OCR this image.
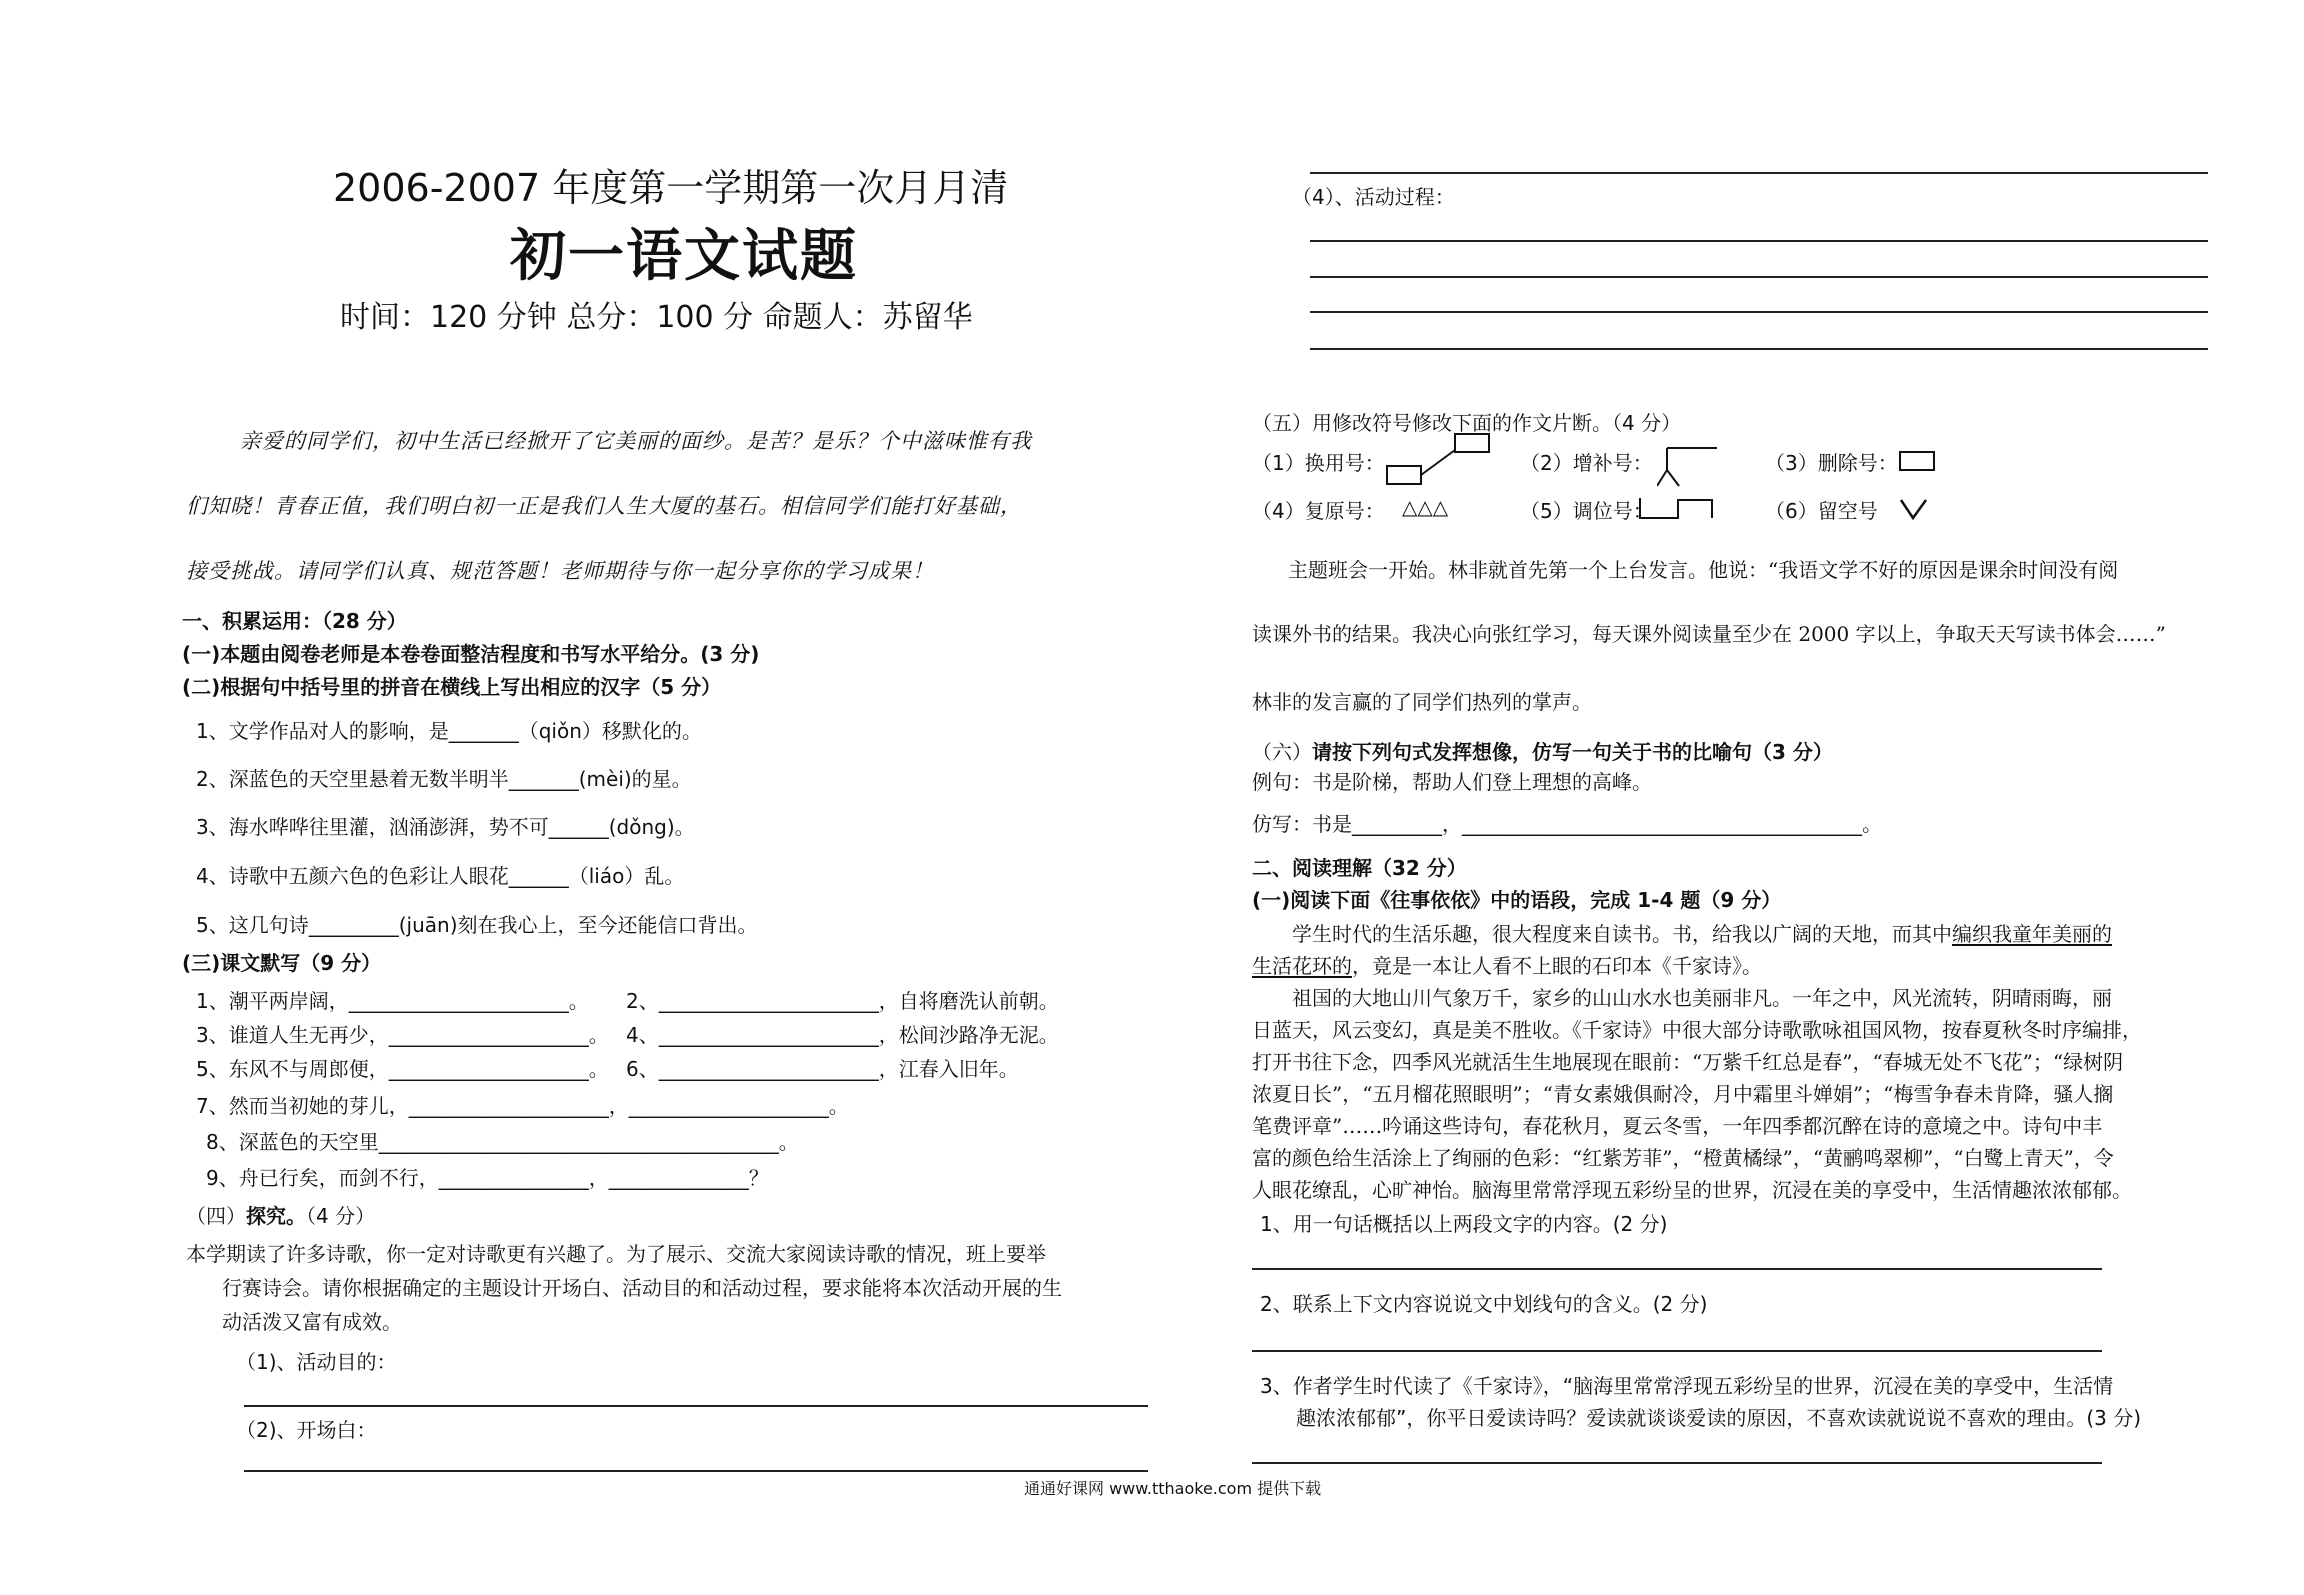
2006-2007 年度第一学期第一次月月清
初一语文试题
时间：120 分钟 总分：100 分 命题人：苏留华
亲爱的同学们，初中生活已经掀开了它美丽的面纱。是苦？是乐？个中滋味惟有我
们知晓！青春正值，我们明白初一正是我们人生大厦的基石。相信同学们能打好基础，
接受挑战。请同学们认真、规范答题！老师期待与你一起分享你的学习成果！
一、积累运用：（28 分）
(一)本题由阅卷老师是本卷卷面整洁程度和书写水平给分。(3 分)
(二)根据句中括号里的拼音在横线上写出相应的汉字（5 分）
1、文学作品对人的影响，是_______（qiǒn）移默化的。
2、深蓝色的天空里悬着无数半明半_______(mèi)的星。
3、海水哗哗往里灌，汹涌澎湃，势不可______(dǒng)。
4、诗歌中五颜六色的色彩让人眼花______（liáo）乱。
5、这几句诗_________(juān)刻在我心上，至今还能信口背出。
(三)课文默写（9 分）
1、潮平两岸阔，______________________。 2、______________________，自将磨洗认前朝。
3、谁道人生无再少，____________________。 4、______________________，松间沙路净无泥。
5、东风不与周郎便，____________________。 6、______________________，江春入旧年。
7、然而当初她的芽儿，____________________，____________________。
8、深蓝色的天空里________________________________________。
9、舟已行矣，而剑不行，_______________，______________？
（四）探究。（4 分）
本学期读了许多诗歌，你一定对诗歌更有兴趣了。为了展示、交流大家阅读诗歌的情况，班上要举
行赛诗会。请你根据确定的主题设计开场白、活动目的和活动过程，要求能将本次活动开展的生
动活泼又富有成效。
（1)、活动目的：
（2)、开场白：
（4）、活动过程：
（五）用修改符号修改下面的作文片断。（4 分）
（1）换用号：	（2）增补号：	（3）删除号：
（4）复原号： △△△	（5）调位号：	（6）留空号
主题班会一开始。林非就首先第一个上台发言。他说：“我语文学不好的原因是课余时间没有阅
读课外书的结果。我决心向张红学习，每天课外阅读量至少在 2000 字以上，争取天天写读书体会……”
林非的发言赢的了同学们热列的掌声。
（六）请按下列句式发挥想像，仿写一句关于书的比喻句（3 分）
例句：书是阶梯，帮助人们登上理想的高峰。
仿写：书是_________，________________________________________。
二、阅读理解（32 分）
(一)阅读下面《往事依依》中的语段，完成 1-4 题（9 分）
学生时代的生活乐趣，很大程度来自读书。书，给我以广阔的天地，而其中编织我童年美丽的
生活花环的，竟是一本让人看不上眼的石印本《千家诗》。
祖国的大地山川气象万千，家乡的山山水水也美丽非凡。一年之中，风光流转，阴晴雨晦，丽
日蓝天，风云变幻，真是美不胜收。《千家诗》中很大部分诗歌歌咏祖国风物，按春夏秋冬时序编排，
打开书往下念，四季风光就活生生地展现在眼前：“万紫千红总是春”，“春城无处不飞花”；“绿树阴
浓夏日长”，“五月榴花照眼明”；“青女素娥俱耐冷，月中霜里斗婵娟”；“梅雪争春未肯降，骚人搁
笔费评章”……吟诵这些诗句，春花秋月，夏云冬雪，一年四季都沉醉在诗的意境之中。诗句中丰
富的颜色给生活涂上了绚丽的色彩：“红紫芳菲”，“橙黄橘绿”，“黄鹂鸣翠柳”，“白鹭上青天”，令
人眼花缭乱，心旷神怡。脑海里常常浮现五彩纷呈的世界，沉浸在美的享受中，生活情趣浓浓郁郁。
1、用一句话概括以上两段文字的内容。(2 分)
2、联系上下文内容说说文中划线句的含义。(2 分)
3、作者学生时代读了《千家诗》，“脑海里常常浮现五彩纷呈的世界，沉浸在美的享受中，生活情
趣浓浓郁郁”，你平日爱读诗吗？爱读就谈谈爱读的原因，不喜欢读就说说不喜欢的理由。(3 分)
通通好课网 www.tthaoke.com 提供下载
